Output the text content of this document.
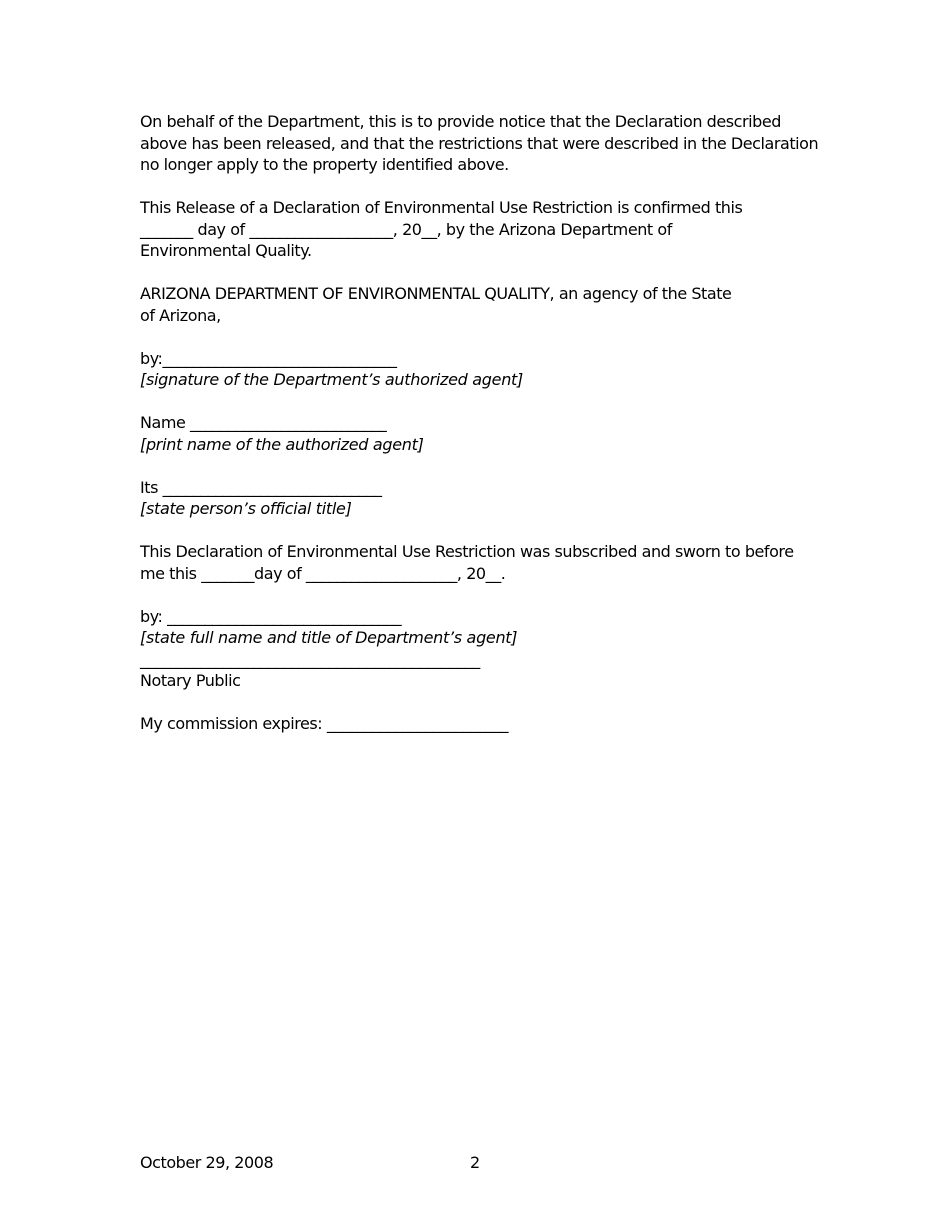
On behalf of the Department, this is to provide notice that the Declaration described
above has been released, and that the restrictions that were described in the Declaration
no longer apply to the property identified above.
This Release of a Declaration of Environmental Use Restriction is confirmed this
_______ day of ___________________, 20__, by the Arizona Department of
Environmental Quality.
ARIZONA DEPARTMENT OF ENVIRONMENTAL QUALITY, an agency of the State
of Arizona,
by:_______________________________
[signature of the Department’s authorized agent]
Name __________________________
[print name of the authorized agent]
Its _____________________________
[state person’s official title]
This Declaration of Environmental Use Restriction was subscribed and sworn to before
me this _______day of ____________________, 20__.
by: _______________________________
[state full name and title of Department’s agent]
_____________________________________________
Notary Public
My commission expires: ________________________
October 29, 2008	2
